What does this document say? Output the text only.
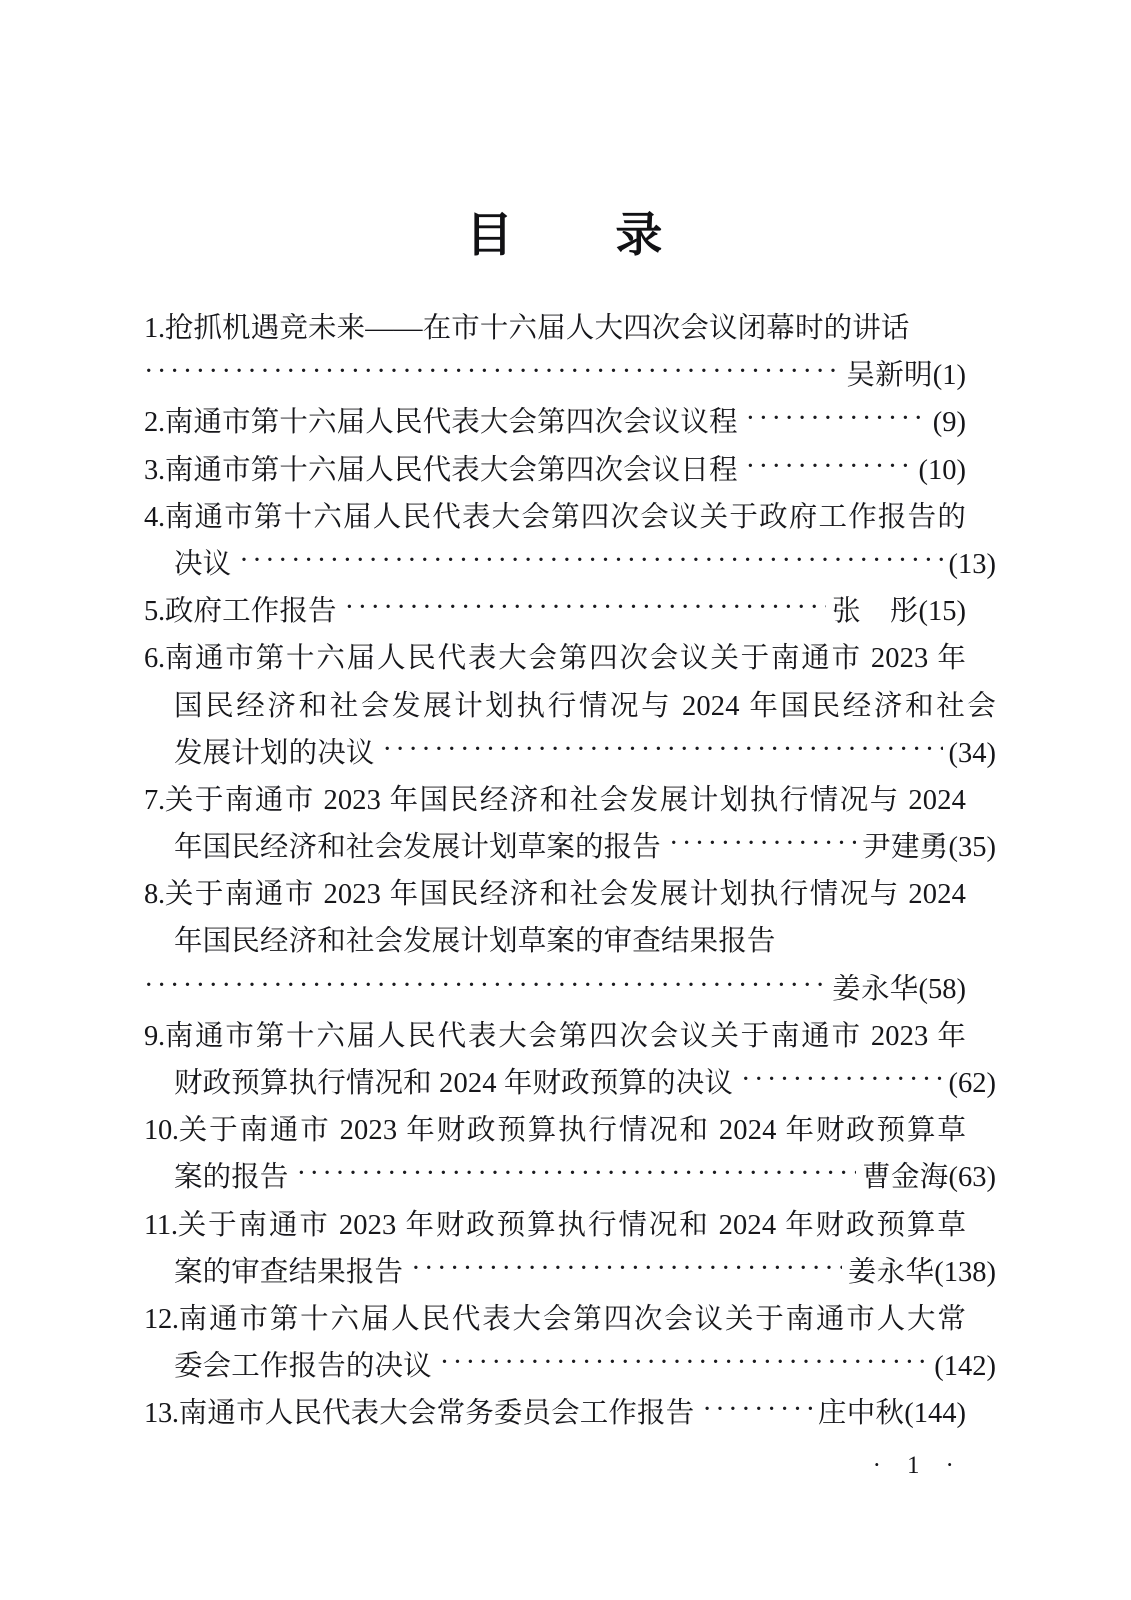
目　　录
1. 抢抓机遇竞未来——在市十六届人大四次会议闭幕时的讲话
·····
吴新明 (1)
2. 南通市第十六届人民代表大会第四次会议议程 ·····	(9)
3. 南通市第十六届人民代表大会第四次会议日程 ·····	(10)
4. 南通市第十六届人民代表大会第四次会议关于政府工作报告的
决议 ·····	(13)
5. 政府工作报告 ·····	张　彤 (15)
6. 南通市第十六届人民代表大会第四次会议关于南通市 2023 年
国民经济和社会发展计划执行情况与 2024 年国民经济和社会
发展计划的决议 ·····	(34)
7. 关于南通市 2023 年国民经济和社会发展计划执行情况与 2024
年国民经济和社会发展计划草案的报告 ·····	尹建勇 (35)
8. 关于南通市 2023 年国民经济和社会发展计划执行情况与 2024
年国民经济和社会发展计划草案的审查结果报告
·····
姜永华 (58)
9. 南通市第十六届人民代表大会第四次会议关于南通市 2023 年
财政预算执行情况和 2024 年财政预算的决议 ·····	(62)
10. 关于南通市 2023 年财政预算执行情况和 2024 年财政预算草
案的报告 ·····	曹金海 (63)
11. 关于南通市 2023 年财政预算执行情况和 2024 年财政预算草
案的审查结果报告 ·····	姜永华 (138)
12. 南通市第十六届人民代表大会第四次会议关于南通市人大常
委会工作报告的决议 ·····	(142)
13. 南通市人民代表大会常务委员会工作报告 ·····	庄中秋 (144)
·  1  ·
